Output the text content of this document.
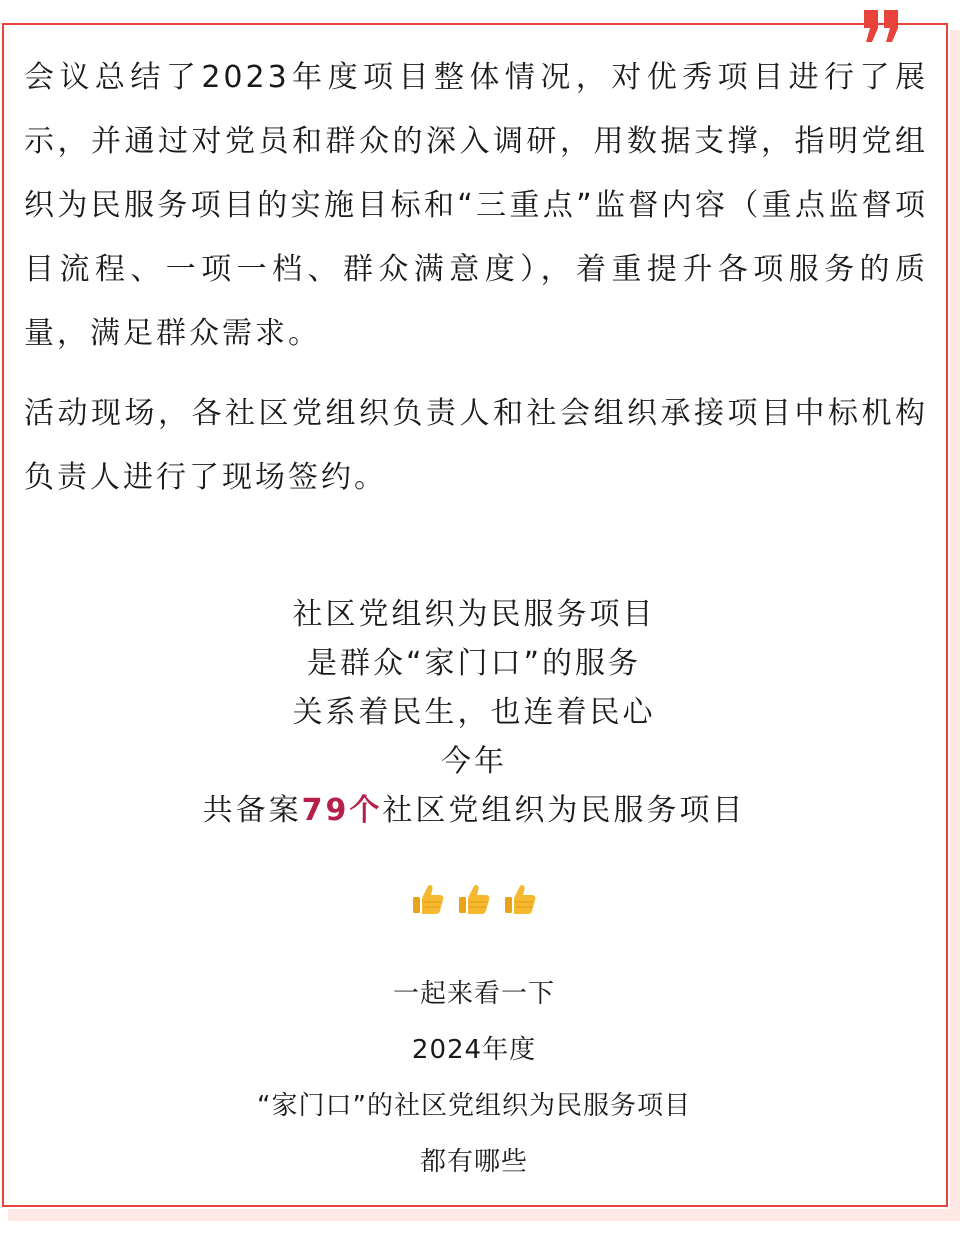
会议总结了2023年度项目整体情况，对优秀项目进行了展示，并通过对党员和群众的深入调研，用数据支撑，指明党组织为民服务项目的实施目标和“三重点”监督内容（重点监督项目流程、一项一档、群众满意度），着重提升各项服务的质量，满足群众需求。

活动现场，各社区党组织负责人和社会组织承接项目中标机构负责人进行了现场签约。

社区党组织为民服务项目
是群众“家门口”的服务
关系着民生，也连着民心
今年
共备案79个社区党组织为民服务项目

一起来看一下
2024年度
“家门口”的社区党组织为民服务项目
都有哪些
